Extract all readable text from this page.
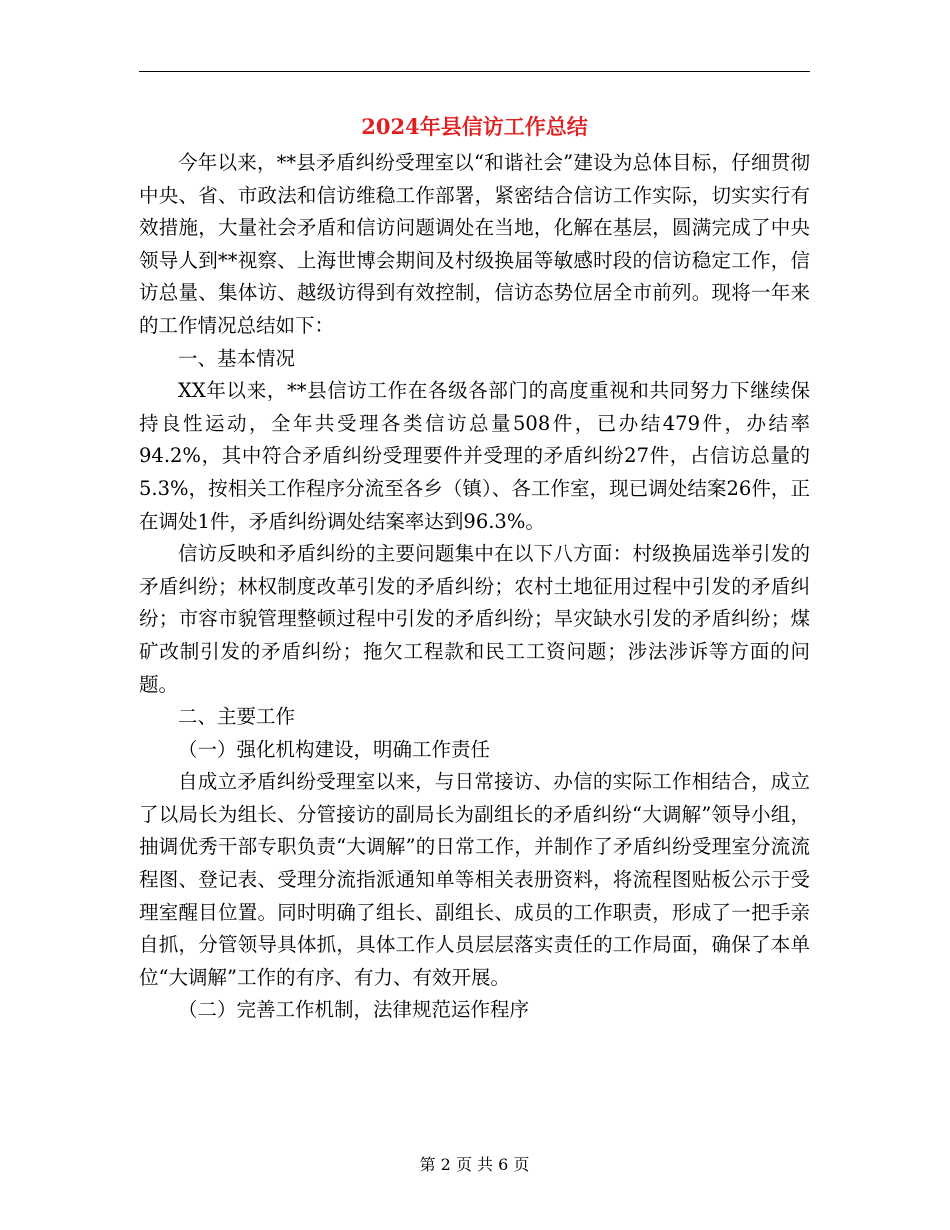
2024年县信访工作总结

今年以来，**县矛盾纠纷受理室以“和谐社会”建设为总体目标，仔细贯彻中央、省、市政法和信访维稳工作部署，紧密结合信访工作实际，切实实行有效措施，大量社会矛盾和信访问题调处在当地，化解在基层，圆满完成了中央领导人到**视察、上海世博会期间及村级换届等敏感时段的信访稳定工作，信访总量、集体访、越级访得到有效控制，信访态势位居全市前列。现将一年来的工作情况总结如下：

一、基本情况

XX年以来，**县信访工作在各级各部门的高度重视和共同努力下继续保持良性运动，全年共受理各类信访总量508件，已办结479件，办结率94.2%，其中符合矛盾纠纷受理要件并受理的矛盾纠纷27件，占信访总量的5.3%，按相关工作程序分流至各乡（镇）、各工作室，现已调处结案26件，正在调处1件，矛盾纠纷调处结案率达到96.3%。

信访反映和矛盾纠纷的主要问题集中在以下八方面：村级换届选举引发的矛盾纠纷；林权制度改革引发的矛盾纠纷；农村土地征用过程中引发的矛盾纠纷；市容市貌管理整顿过程中引发的矛盾纠纷；旱灾缺水引发的矛盾纠纷；煤矿改制引发的矛盾纠纷；拖欠工程款和民工工资问题；涉法涉诉等方面的问题。

二、主要工作

（一）强化机构建设，明确工作责任

自成立矛盾纠纷受理室以来，与日常接访、办信的实际工作相结合，成立了以局长为组长、分管接访的副局长为副组长的矛盾纠纷“大调解”领导小组，抽调优秀干部专职负责“大调解”的日常工作，并制作了矛盾纠纷受理室分流流程图、登记表、受理分流指派通知单等相关表册资料，将流程图贴板公示于受理室醒目位置。同时明确了组长、副组长、成员的工作职责，形成了一把手亲自抓，分管领导具体抓，具体工作人员层层落实责任的工作局面，确保了本单位“大调解”工作的有序、有力、有效开展。

（二）完善工作机制，法律规范运作程序

第 2 页 共 6 页
